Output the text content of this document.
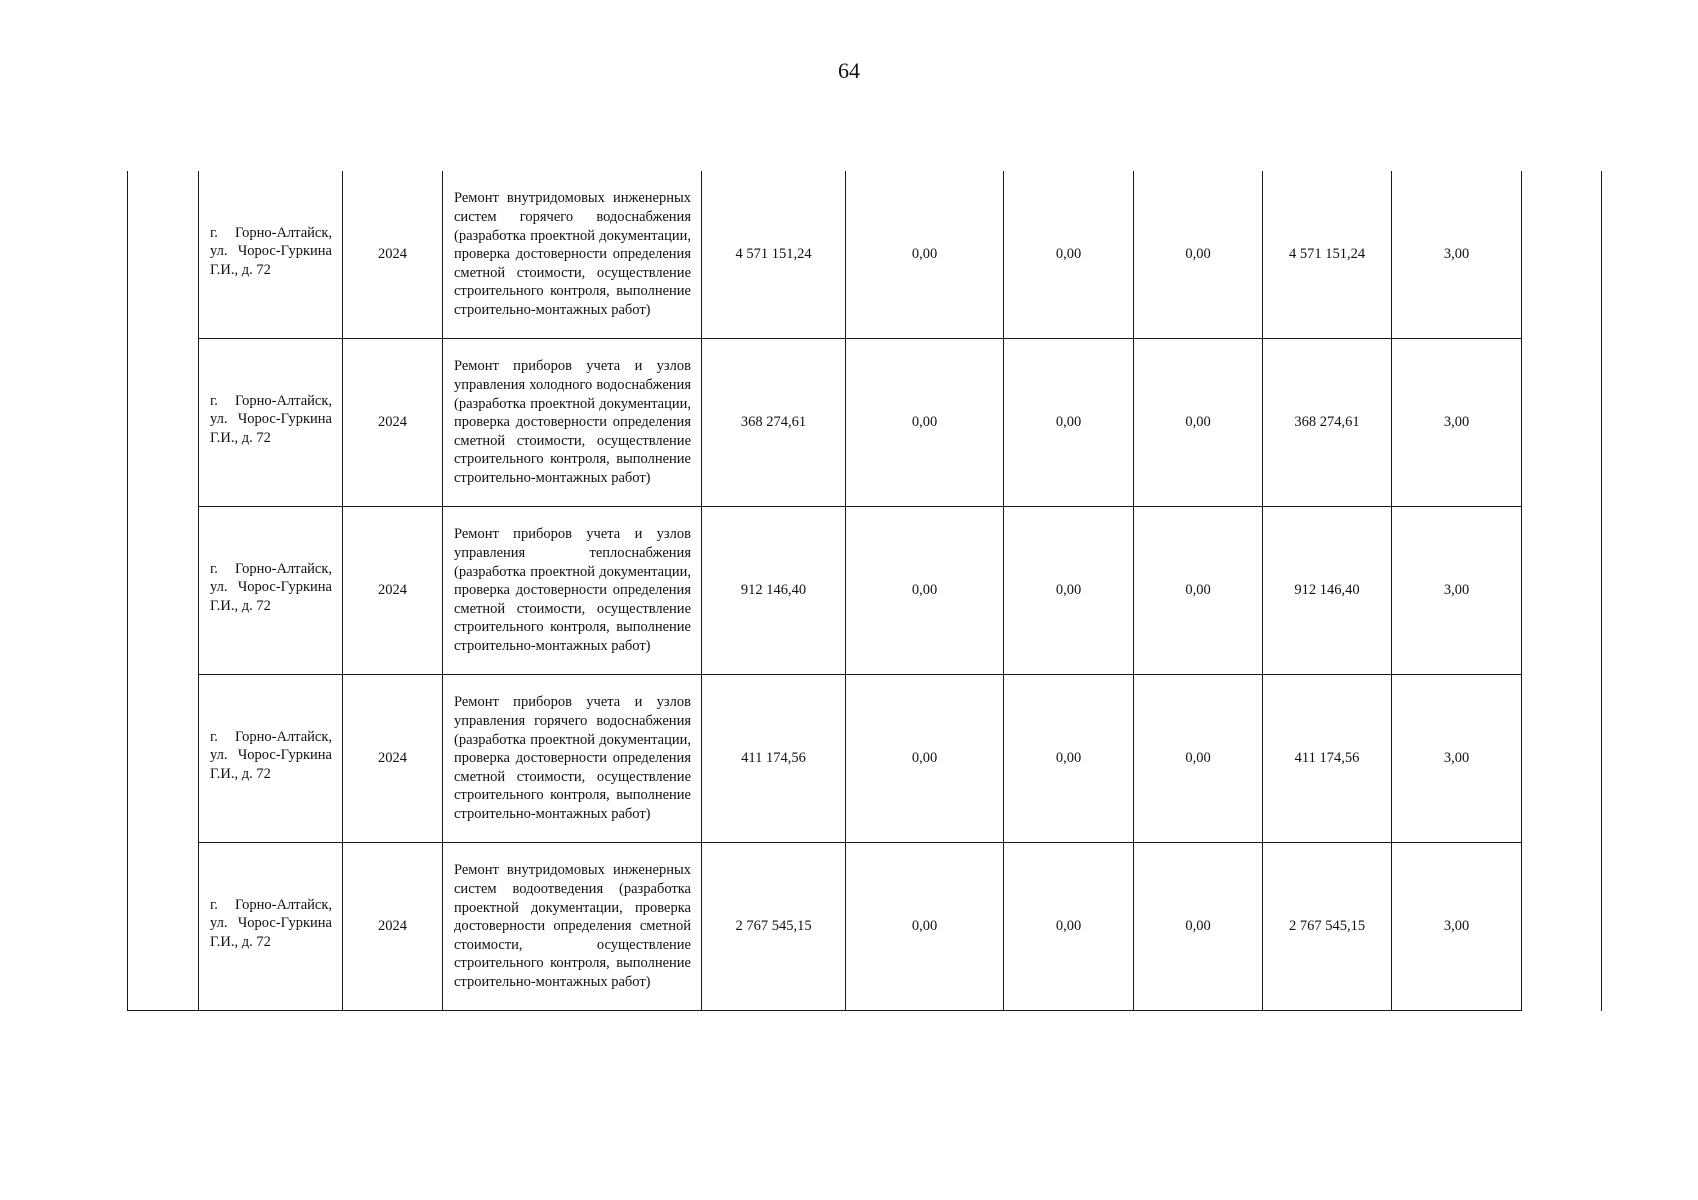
64

	г. Горно-Алтайск, ул. Чорос-Гуркина Г.И., д. 72	2024	Ремонт внутридомовых инженерных систем горячего водоснабжения (разработка проектной документации, проверка достоверности определения сметной стоимости, осуществление строительного контроля, выполнение строительно-монтажных работ)	4 571 151,24	0,00	0,00	0,00	4 571 151,24	3,00	

	г. Горно-Алтайск, ул. Чорос-Гуркина Г.И., д. 72	2024	Ремонт приборов учета и узлов управления холодного водоснабжения (разработка проектной документации, проверка достоверности определения сметной стоимости, осуществление строительного контроля, выполнение строительно-монтажных работ)	368 274,61	0,00	0,00	0,00	368 274,61	3,00	

	г. Горно-Алтайск, ул. Чорос-Гуркина Г.И., д. 72	2024	Ремонт приборов учета и узлов управления теплоснабжения (разработка проектной документации, проверка достоверности определения сметной стоимости, осуществление строительного контроля, выполнение строительно-монтажных работ)	912 146,40	0,00	0,00	0,00	912 146,40	3,00	

	г. Горно-Алтайск, ул. Чорос-Гуркина Г.И., д. 72	2024	Ремонт приборов учета и узлов управления горячего водоснабжения (разработка проектной документации, проверка достоверности определения сметной стоимости, осуществление строительного контроля, выполнение строительно-монтажных работ)	411 174,56	0,00	0,00	0,00	411 174,56	3,00	

	г. Горно-Алтайск, ул. Чорос-Гуркина Г.И., д. 72	2024	Ремонт внутридомовых инженерных систем водоотведения (разработка проектной документации, проверка достоверности определения сметной стоимости, осуществление строительного контроля, выполнение строительно-монтажных работ)	2 767 545,15	0,00	0,00	0,00	2 767 545,15	3,00	
